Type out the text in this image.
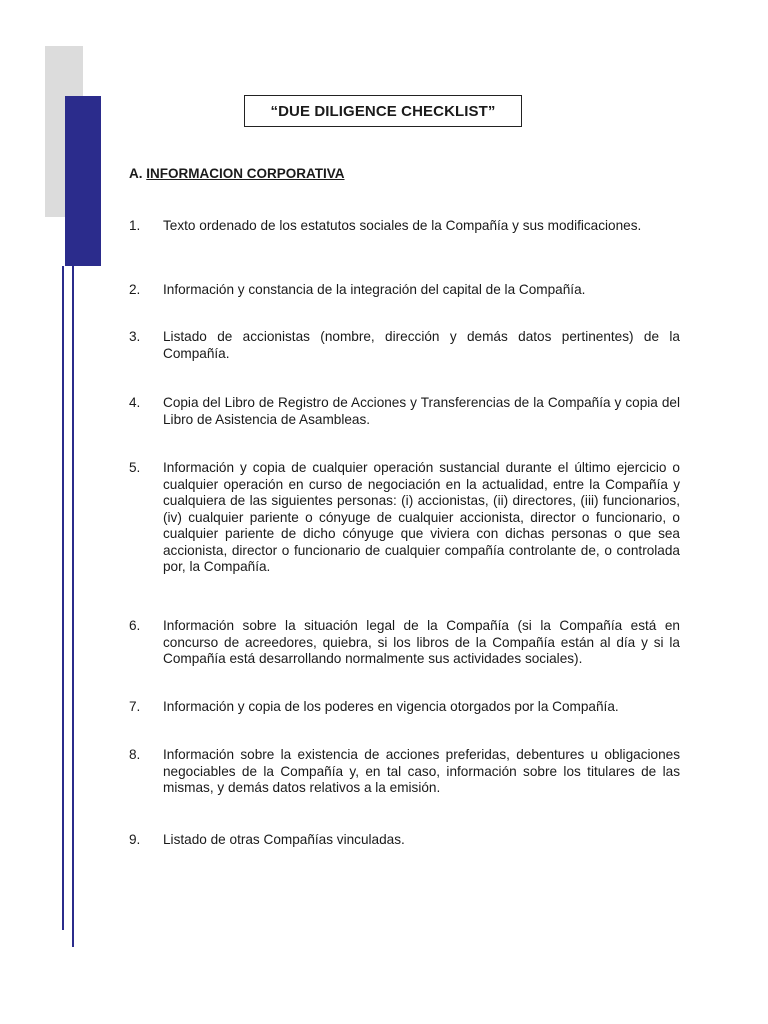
“DUE DILIGENCE CHECKLIST”
A. INFORMACION CORPORATIVA
1.	Texto ordenado de los estatutos sociales de la Compañía y sus modificaciones.
2.	Información y constancia de la integración del capital de la Compañía.
3.	Listado de accionistas (nombre, dirección y demás datos pertinentes) de la Compañía.
4.	Copia del Libro de Registro de Acciones y Transferencias de la Compañía y copia del Libro de Asistencia de Asambleas.
5.	Información y copia de cualquier operación sustancial durante el último ejercicio o cualquier operación en curso de negociación en la actualidad, entre la Compañía y cualquiera de las siguientes personas: (i) accionistas, (ii) directores, (iii) funcionarios, (iv) cualquier pariente o cónyuge de cualquier accionista, director o funcionario, o cualquier pariente de dicho cónyuge que viviera con dichas personas o que sea accionista, director o funcionario de cualquier compañía controlante de, o controlada por, la Compañía.
6.	Información sobre la situación legal de la Compañía (si la Compañía está en concurso de acreedores, quiebra, si los libros de la Compañía están al día y si la Compañía está desarrollando normalmente sus actividades sociales).
7.	Información y copia de los poderes en vigencia otorgados por la Compañía.
8.	Información sobre la existencia de acciones preferidas, debentures u obligaciones negociables de la Compañía y, en tal caso, información sobre los titulares de las mismas, y demás datos relativos a la emisión.
9.	Listado de otras Compañías vinculadas.
